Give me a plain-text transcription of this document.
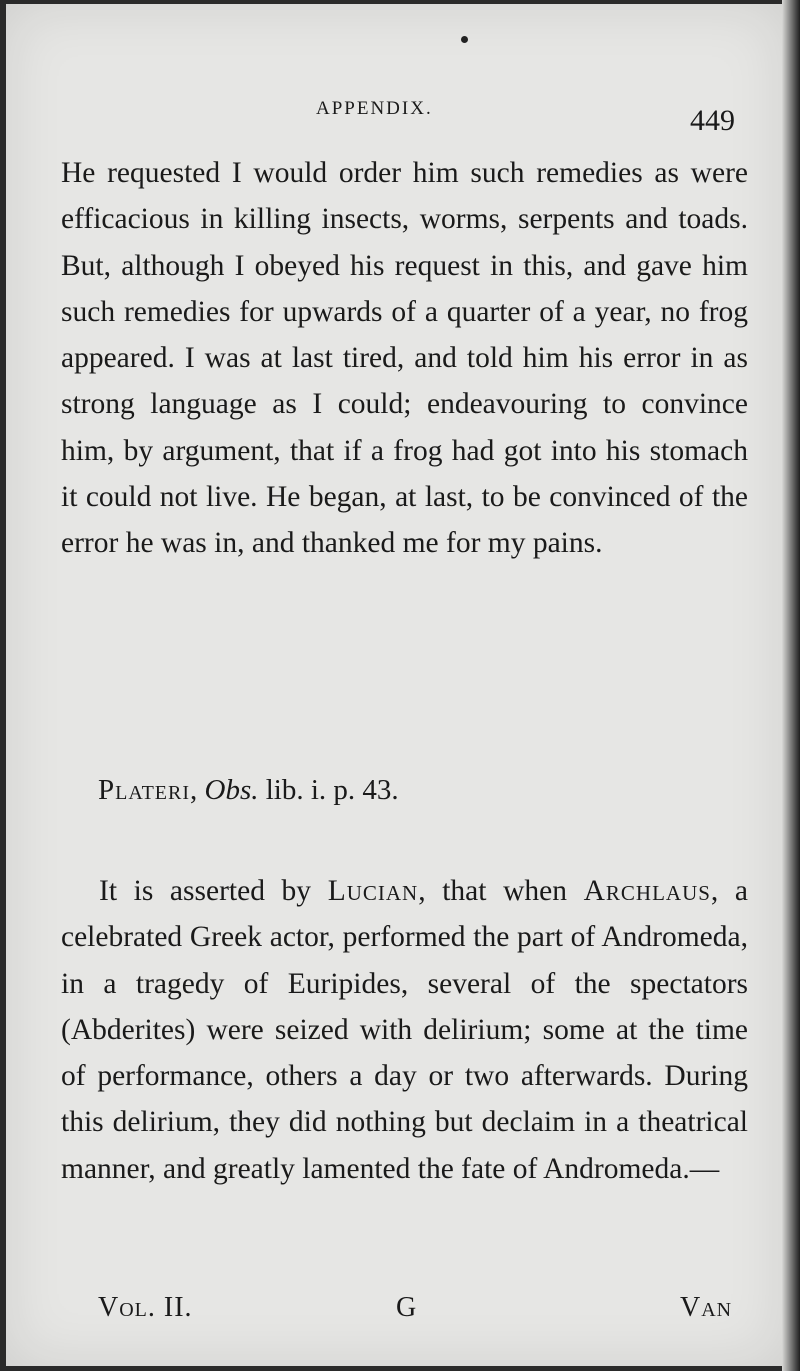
APPENDIX.	449
He requested I would order him such remedies as were efficacious in killing insects, worms, serpents and toads. But, although I obeyed his request in this, and gave him such remedies for upwards of a quarter of a year, no frog appeared. I was at last tired, and told him his error in as strong language as I could; endeavouring to convince him, by argument, that if a frog had got into his stomach it could not live. He began, at last, to be convinced of the error he was in, and thanked me for my pains.
Plateri, Obs. lib. i. p. 43.
It is asserted by Lucian, that when Archlaus, a celebrated Greek actor, performed the part of Andromeda, in a tragedy of Euripides, several of the spectators (Abderites) were seized with delirium; some at the time of performance, others a day or two afterwards. During this delirium, they did nothing but declaim in a theatrical manner, and greatly lamented the fate of Andromeda.—
Vol. II.	G	Van
